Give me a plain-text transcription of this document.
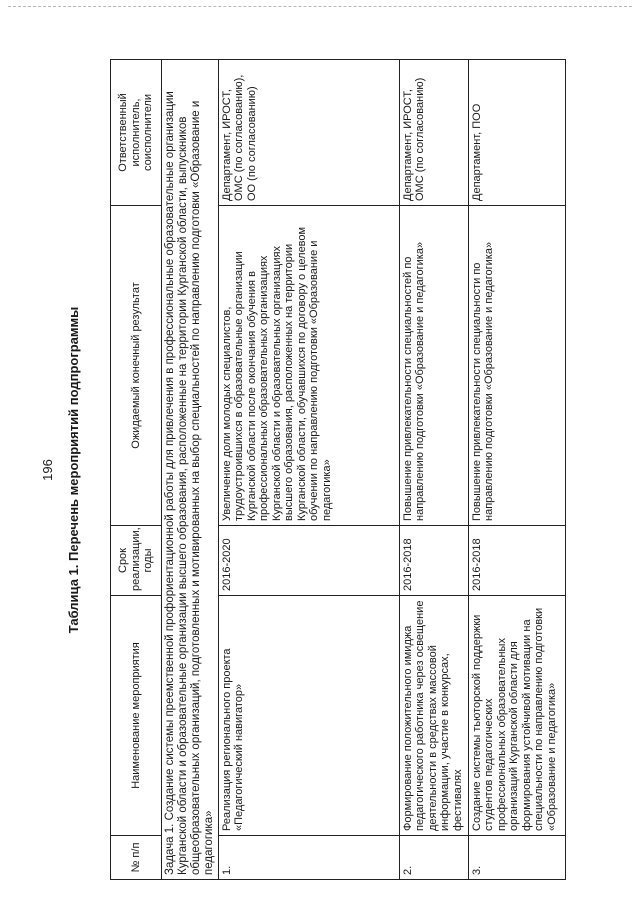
196 Таблица 1. Перечень мероприятий подпрограммы
№ п/п	Наименование мероприятия	Срок реализации, годы	Ожидаемый конечный результат	Ответственный исполнитель, соисполнители
Задача 1. Создание системы преемственной профориентационной работы для привлечения в профессиональные образовательные организации Курганской области и образовательные организации высшего образования, расположенные на территории Курганской области, выпускников общеобразовательных организаций, подготовленных и мотивированных на выбор специальностей по направлению подготовки «Образование и педагогика»				
1.	Реализация регионального проекта «Педагогический навигатор»	2016-2020	Увеличение доли молодых специалистов, трудоустроившихся в образовательные организации Курганской области после окончания обучения в профессиональных образовательных организациях Курганской области и образовательных организациях высшего образования, расположенных на территории Курганской области, обучавшихся по договору о целевом обучении по направлению подготовки «Образование и педагогика»	Департамент, ИРОСТ, ОМС (по согласованию), ОО (по согласованию)
2.	Формирование положительного имиджа педагогического работника через освещение деятельности в средствах массовой информации, участие в конкурсах, фестивалях	2016-2018	Повышение привлекательности специальностей по направлению подготовки «Образование и педагогика»	Департамент, ИРОСТ, ОМС (по согласованию)
3.	Создание системы тьюторской поддержки студентов педагогических профессиональных образовательных организаций Курганской области для формирования устойчивой мотивации на специальности по направлению подготовки «Образование и педагогика»	2016-2018	Повышение привлекательности специальности по направлению подготовки «Образование и педагогика»	Департамент, ПОО
